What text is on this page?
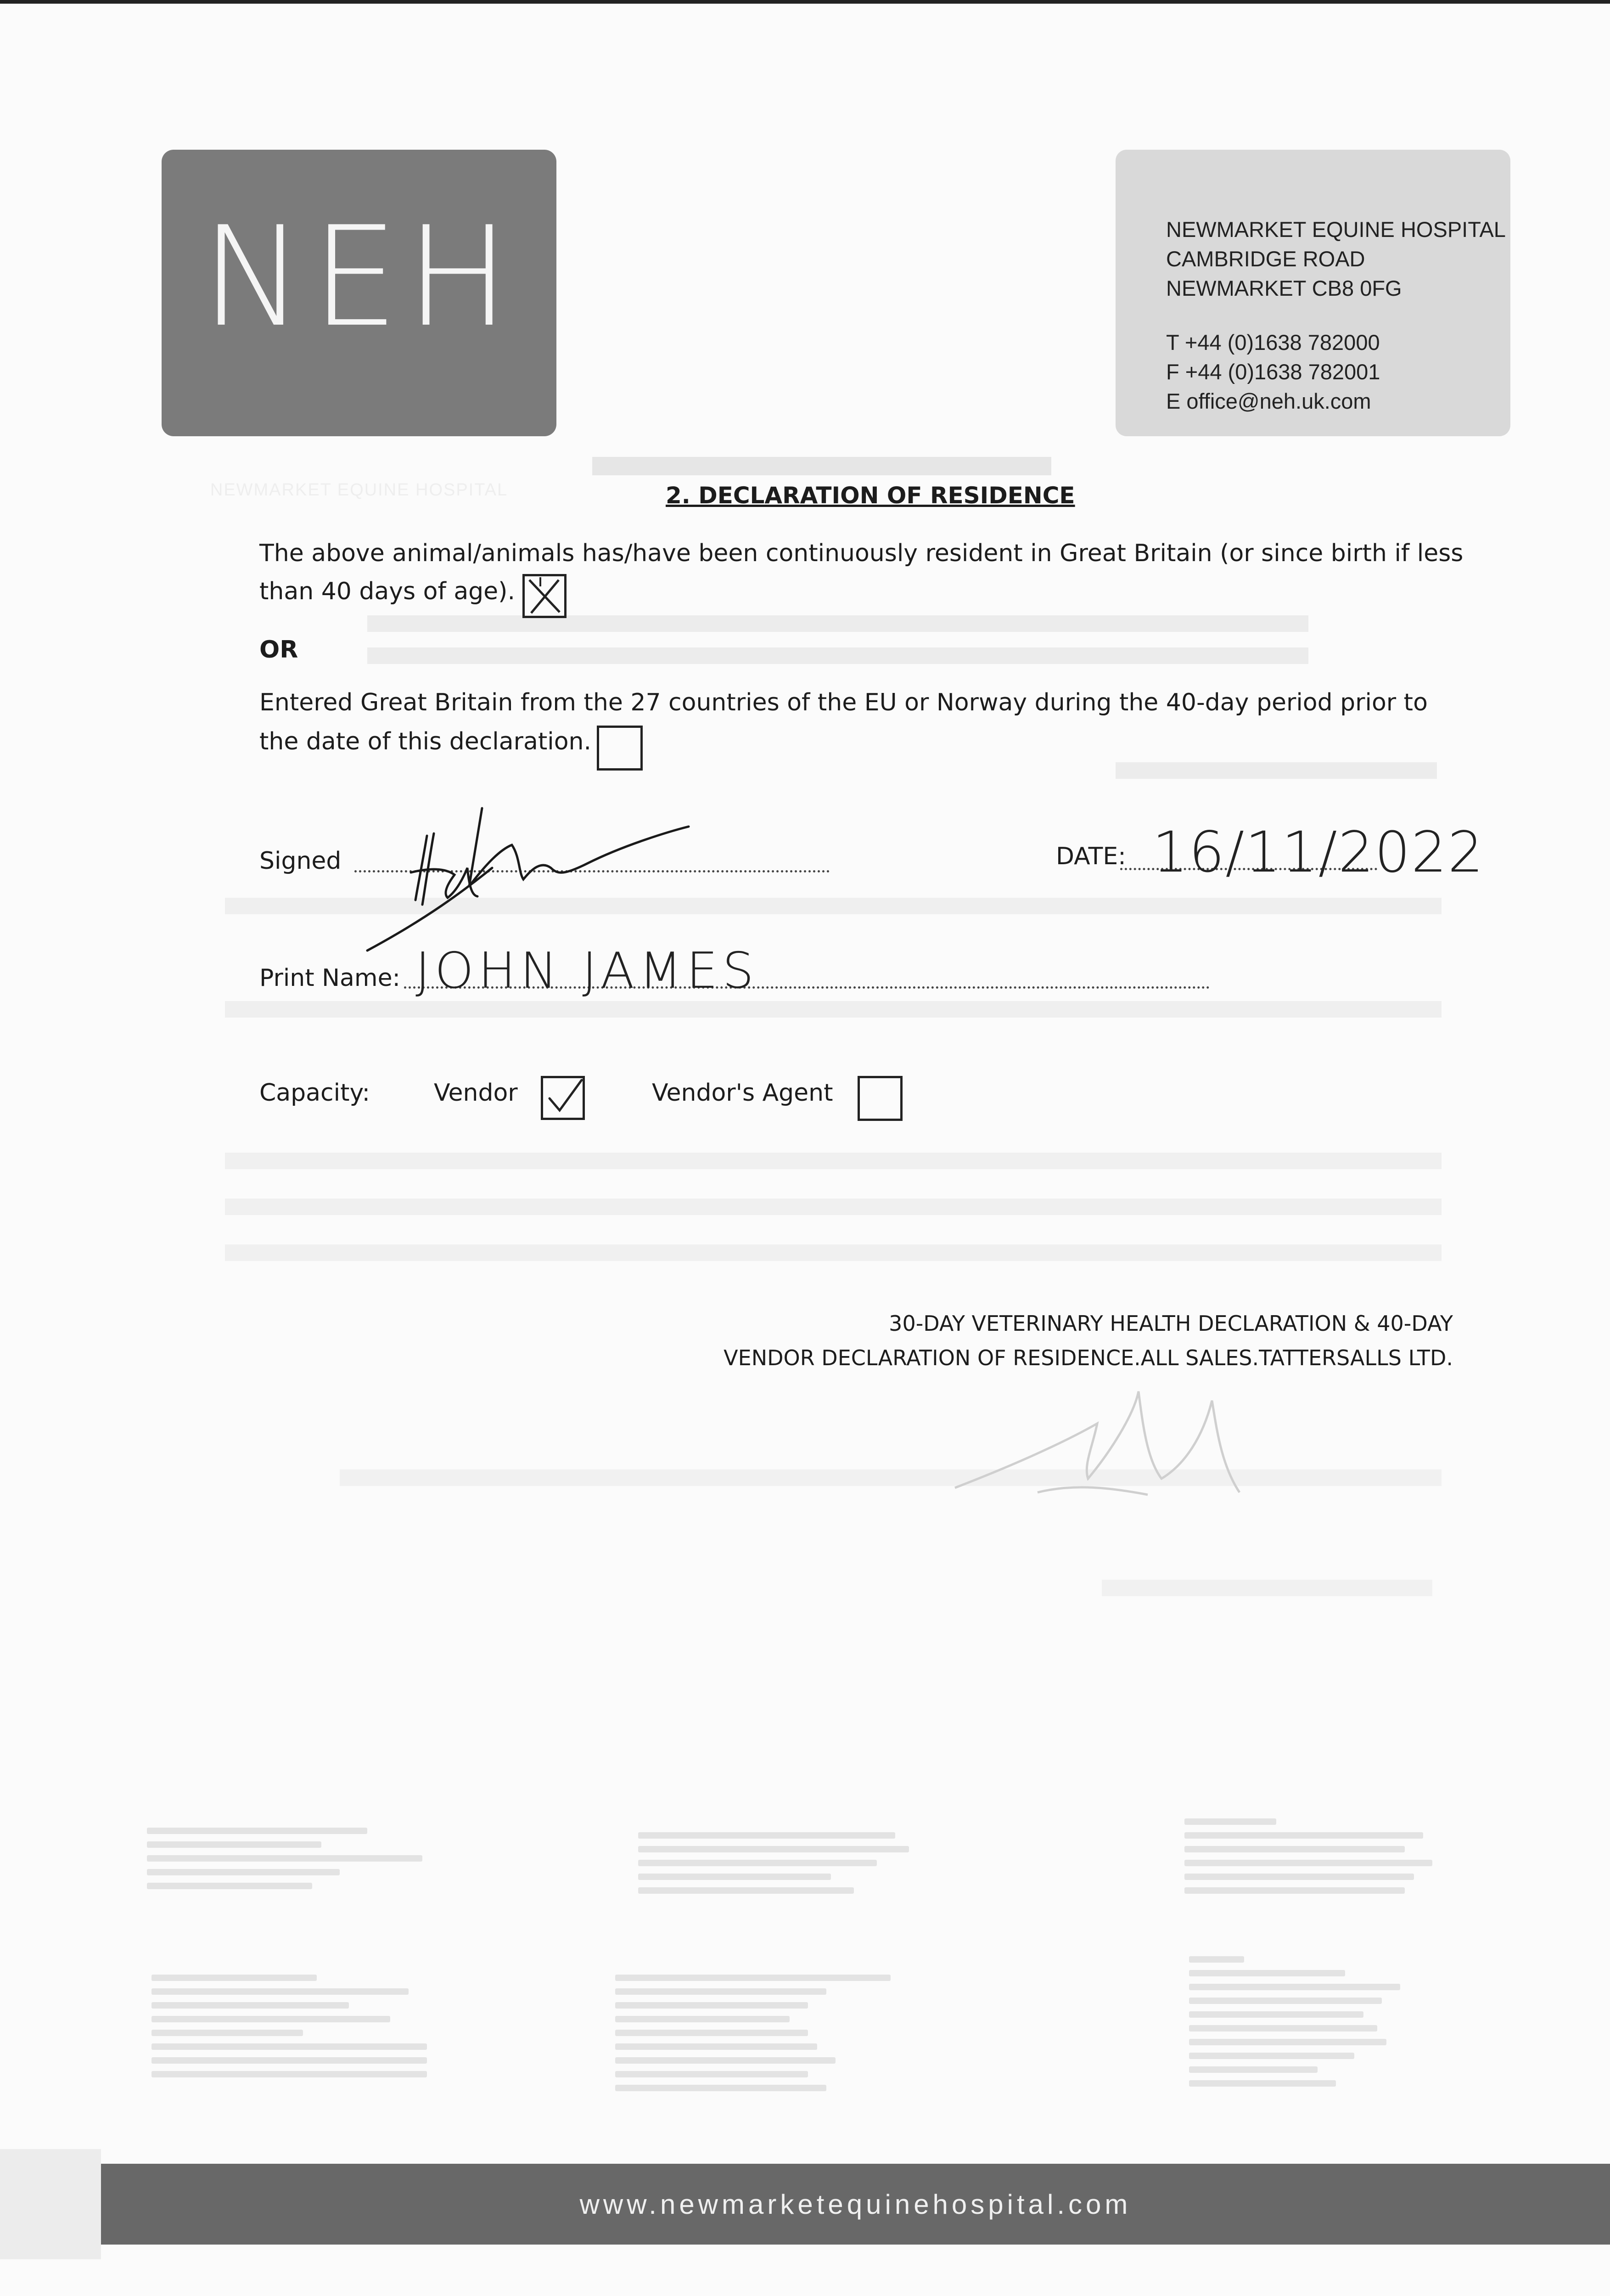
NEH
NEWMARKET EQUINE HOSPITAL
NEWMARKET EQUINE HOSPITAL
CAMBRIDGE ROAD
NEWMARKET CB8 0FG
T +44 (0)1638 782000
F +44 (0)1638 782001
E office@neh.uk.com
2. DECLARATION OF RESIDENCE
The above animal/animals has/have been continuously resident in Great Britain (or since birth if less
than 40 days of age).
OR
Entered Great Britain from the 27 countries of the EU or Norway during the 40-day period prior to
the date of this declaration.
Signed	DATE: 16/11/2022
Print Name: JOHN JAMES
Capacity:	Vendor	Vendor's Agent
30-DAY VETERINARY HEALTH DECLARATION & 40-DAY
VENDOR DECLARATION OF RESIDENCE.ALL SALES.TATTERSALLS LTD.
www.newmarketequinehospital.com
